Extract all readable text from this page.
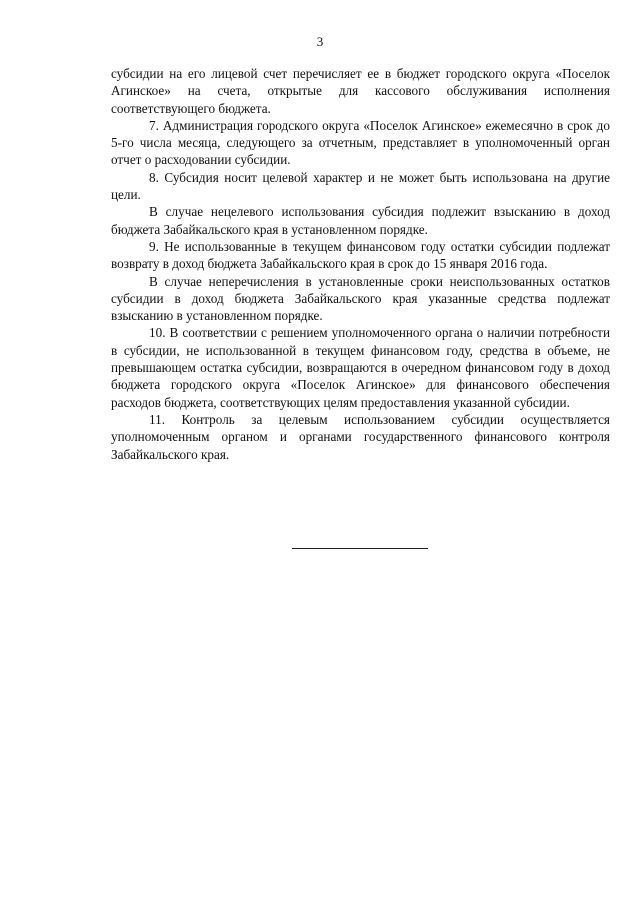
3

субсидии на его лицевой счет перечисляет ее в бюджет городского округа «Поселок Агинское» на счета, открытые для кассового обслуживания исполнения соответствующего бюджета.

7. Администрация городского округа «Поселок Агинское» ежемесячно в срок до 5-го числа месяца, следующего за отчетным, представляет в уполномоченный орган отчет о расходовании субсидии.

8. Субсидия носит целевой характер и не может быть использована на другие цели.

В случае нецелевого использования субсидия подлежит взысканию в доход бюджета Забайкальского края в установленном порядке.

9. Не использованные в текущем финансовом году остатки субсидии подлежат возврату в доход бюджета Забайкальского края в срок до 15 января 2016 года.

В случае неперечисления в установленные сроки неиспользованных остатков субсидии в доход бюджета Забайкальского края указанные средства подлежат взысканию в установленном порядке.

10. В соответствии с решением уполномоченного органа о наличии потребности в субсидии, не использованной в текущем финансовом году, средства в объеме, не превышающем остатка субсидии, возвращаются в очередном финансовом году в доход бюджета городского округа «Поселок Агинское» для финансового обеспечения расходов бюджета, соответствующих целям предоставления указанной субсидии.

11. Контроль за целевым использованием субсидии осуществляется уполномоченным органом и органами государственного финансового контроля Забайкальского края.
